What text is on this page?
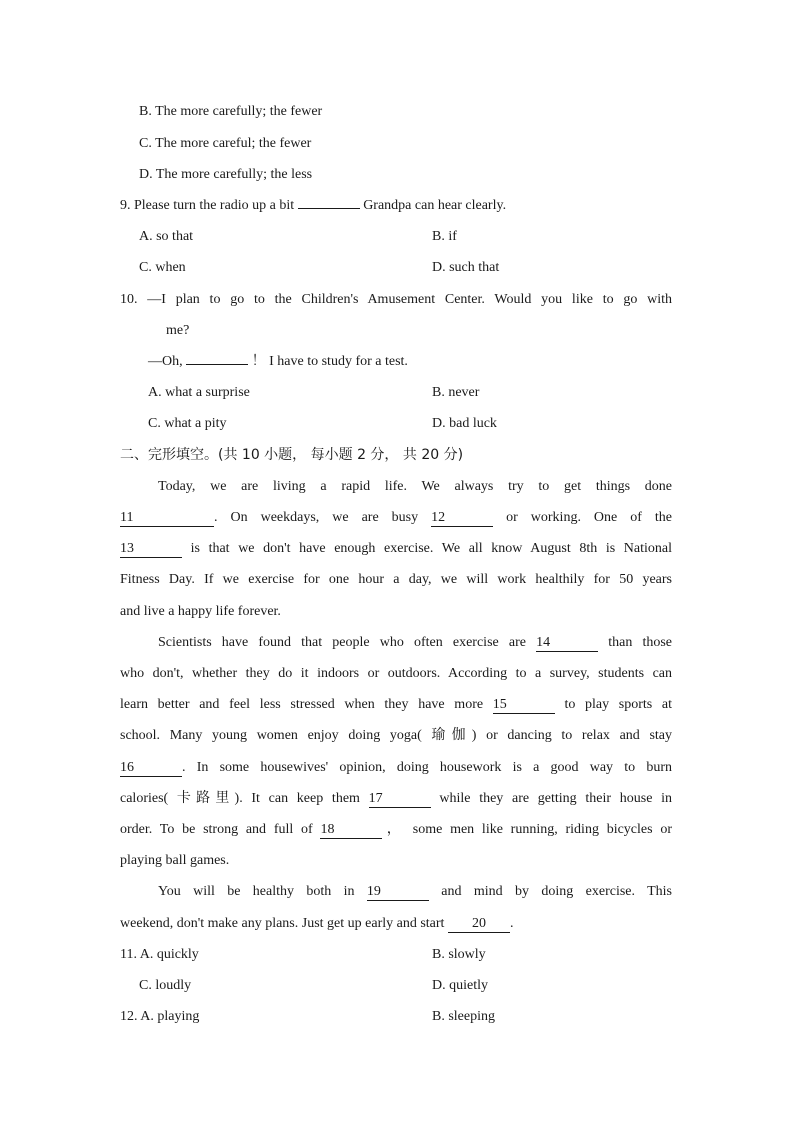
B. The more carefully; the fewer
C. The more careful; the fewer
D. The more carefully; the less
9. Please turn the radio up a bit	Grandpa can hear clearly.
A. so that	B. if
C. when	D. such that
10. —I plan to go to the Children's Amusement Center. Would you like to go with
me?
—Oh,	！ I have to study for a test.
A. what a surprise	B. never
C. what a pity	D. bad luck
二、完形填空。(共 10 小题， 每小题 2 分， 共 20 分)
Today, we are living a rapid life. We always try to get things done
11	. On weekdays, we are busy 12	or working. One of the
13	is that we don't have enough exercise. We all know August 8th is National
Fitness Day. If we exercise for one hour a day, we will work healthily for 50 years
and live a happy life forever.
Scientists have found that people who often exercise are 14	than those
who don't, whether they do it indoors or outdoors. According to a survey, students can
learn better and feel less stressed when they have more 15	to play sports at
school. Many young women enjoy doing yoga( 瑜伽) or dancing to relax and stay
16	. In some housewives' opinion, doing housework is a good way to burn
calories( 卡路里). It can keep them 17	while they are getting their house in
order. To be strong and full of 18	， some men like running, riding bicycles or
playing ball games.
You will be healthy both in 19	and mind by doing exercise. This
weekend, don't make any plans. Just get up early and start 20 .
11. A. quickly	B. slowly
C. loudly	D. quietly
12. A. playing	B. sleeping
